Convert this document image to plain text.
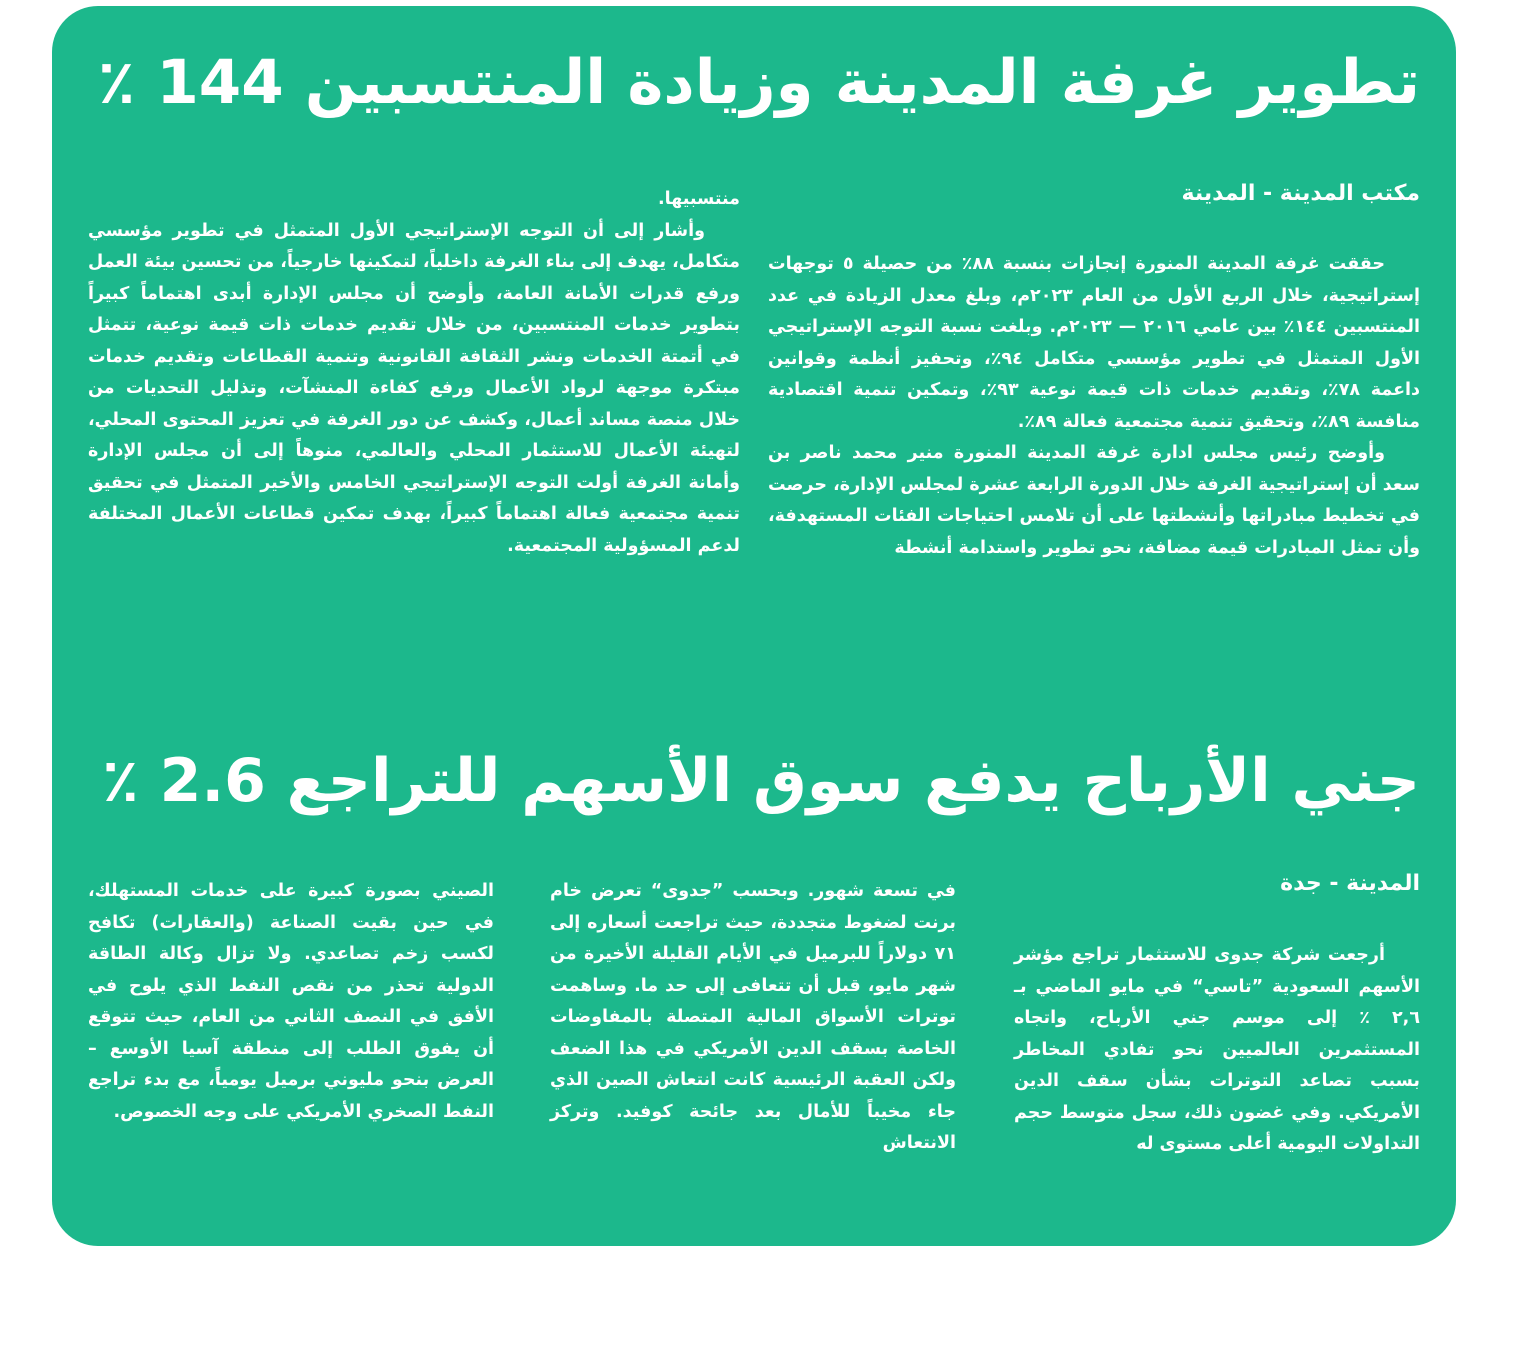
تطوير غرفة المدينة وزيادة المنتسبين 144 ٪
مكتب المدينة - المدينة

حققت غرفة المدينة المنورة إنجازات بنسبة ٨٨٪ من حصيلة ٥ توجهات إستراتيجية، خلال الربع الأول من العام ٢٠٢٣م، وبلغ معدل الزيادة في عدد المنتسبين ١٤٤٪ بين عامي ٢٠١٦ — ٢٠٢٣م. وبلغت نسبة التوجه الإستراتيجي الأول المتمثل في تطوير مؤسسي متكامل ٩٤٪، وتحفيز أنظمة وقوانين داعمة ٧٨٪، وتقديم خدمات ذات قيمة نوعية ٩٣٪، وتمكين تنمية اقتصادية منافسة ٨٩٪، وتحقيق تنمية مجتمعية فعالة ٨٩٪.

وأوضح رئيس مجلس ادارة غرفة المدينة المنورة منير محمد ناصر بن سعد أن إستراتيجية الغرفة خلال الدورة الرابعة عشرة لمجلس الإدارة، حرصت في تخطيط مبادراتها وأنشطتها على أن تلامس احتياجات الفئات المستهدفة، وأن تمثل المبادرات قيمة مضافة، نحو تطوير واستدامة أنشطة

منتسبيها.

وأشار إلى أن التوجه الإستراتيجي الأول المتمثل في تطوير مؤسسي متكامل، يهدف إلى بناء الغرفة داخلياً، لتمكينها خارجياً، من تحسين بيئة العمل ورفع قدرات الأمانة العامة، وأوضح أن مجلس الإدارة أبدى اهتماماً كبيراً بتطوير خدمات المنتسبين، من خلال تقديم خدمات ذات قيمة نوعية، تتمثل في أتمتة الخدمات ونشر الثقافة القانونية وتنمية القطاعات وتقديم خدمات مبتكرة موجهة لرواد الأعمال ورفع كفاءة المنشآت، وتذليل التحديات من خلال منصة مساند أعمال، وكشف عن دور الغرفة في تعزيز المحتوى المحلي، لتهيئة الأعمال للاستثمار المحلي والعالمي، منوهاً إلى أن مجلس الإدارة وأمانة الغرفة أولت التوجه الإستراتيجي الخامس والأخير المتمثل في تحقيق تنمية مجتمعية فعالة اهتماماً كبيراً، بهدف تمكين قطاعات الأعمال المختلفة لدعم المسؤولية المجتمعية.

جني الأرباح يدفع سوق الأسهم للتراجع 2.6 ٪
المدينة - جدة

أرجعت شركة جدوى للاستثمار تراجع مؤشر الأسهم السعودية ”تاسي“ في مايو الماضي بـ ٢,٦ ٪ إلى موسم جني الأرباح، واتجاه المستثمرين العالميين نحو تفادي المخاطر بسبب تصاعد التوترات بشأن سقف الدين الأمريكي. وفي غضون ذلك، سجل متوسط حجم التداولات اليومية أعلى مستوى له

في تسعة شهور. وبحسب ”جدوى“ تعرض خام برنت لضغوط متجددة، حيث تراجعت أسعاره إلى ٧١ دولاراً للبرميل في الأيام القليلة الأخيرة من شهر مايو، قبل أن تتعافى إلى حد ما. وساهمت توترات الأسواق المالية المتصلة بالمفاوضات الخاصة بسقف الدين الأمريكي في هذا الضعف ولكن العقبة الرئيسية كانت انتعاش الصين الذي جاء مخيباً للأمال بعد جائحة كوفيد. وتركز الانتعاش

الصيني بصورة كبيرة على خدمات المستهلك، في حين بقيت الصناعة (والعقارات) تكافح لكسب زخم تصاعدي. ولا تزال وكالة الطاقة الدولية تحذر من نقص النفط الذي يلوح في الأفق في النصف الثاني من العام، حيث تتوقع أن يفوق الطلب إلى منطقة آسيا الأوسع – العرض بنحو مليوني برميل يومياً، مع بدء تراجع النفط الصخري الأمريكي على وجه الخصوص.
